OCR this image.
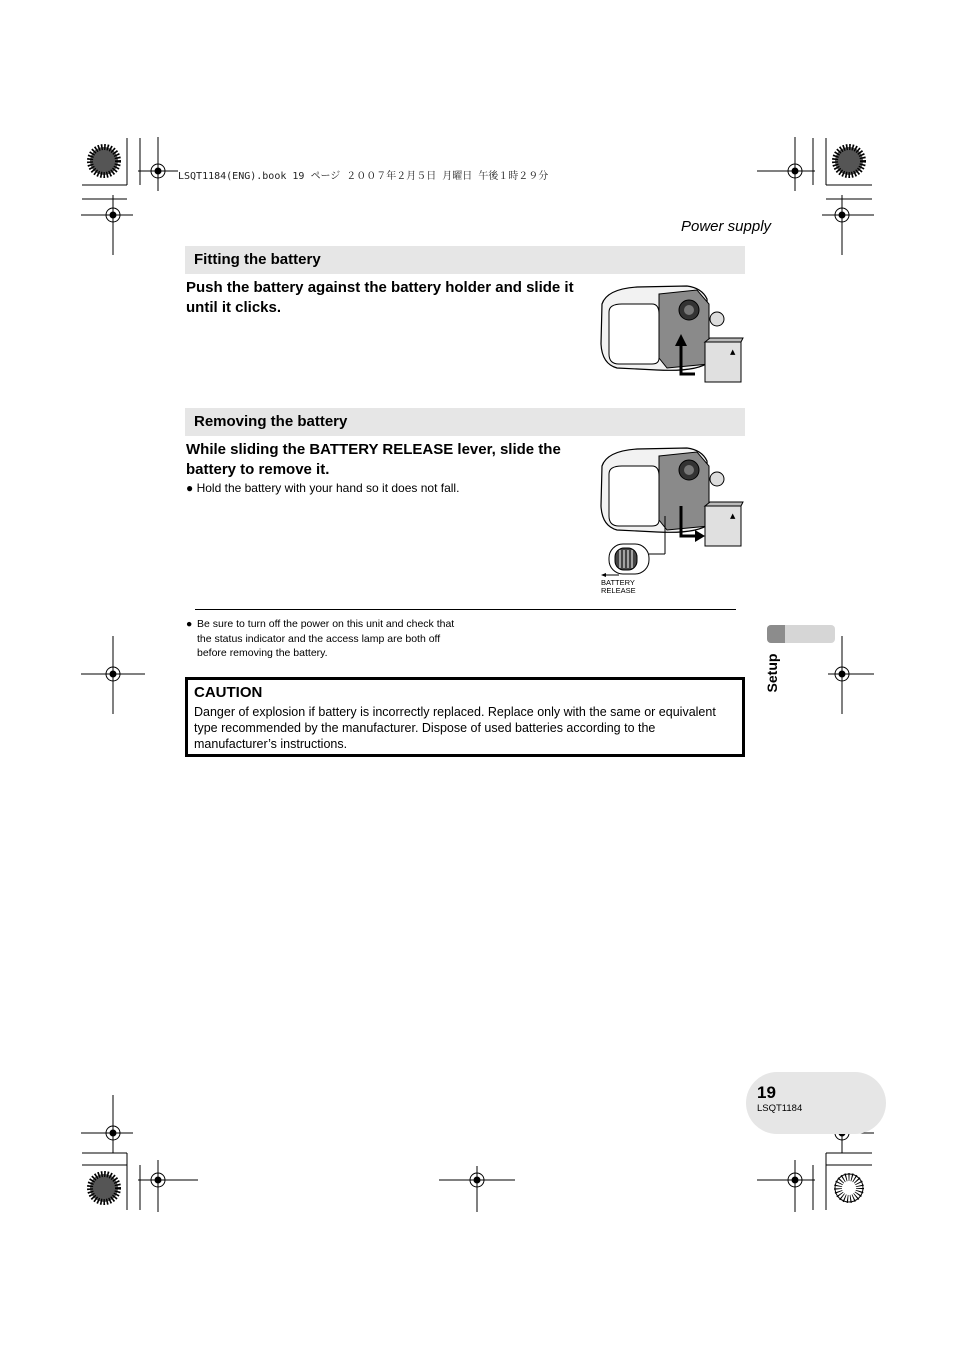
LSQT1184(ENG).book 19 ページ ２００７年２月５日 月曜日 午後１時２９分
Power supply
Fitting the battery
Push the battery against the battery holder and slide it until it clicks.
▲
Removing the battery
While sliding the BATTERY RELEASE lever, slide the battery to remove it.
● Hold the battery with your hand so it does not fall.
▲
BATTERY
RELEASE
● Be sure to turn off the power on this unit and check that the status indicator and the access lamp are both off before removing the battery.
CAUTION
Danger of explosion if battery is incorrectly replaced. Replace only with the same or equivalent type recommended by the manufacturer. Dispose of used batteries according to the manufacturer’s instructions.
Setup
19
LSQT1184
